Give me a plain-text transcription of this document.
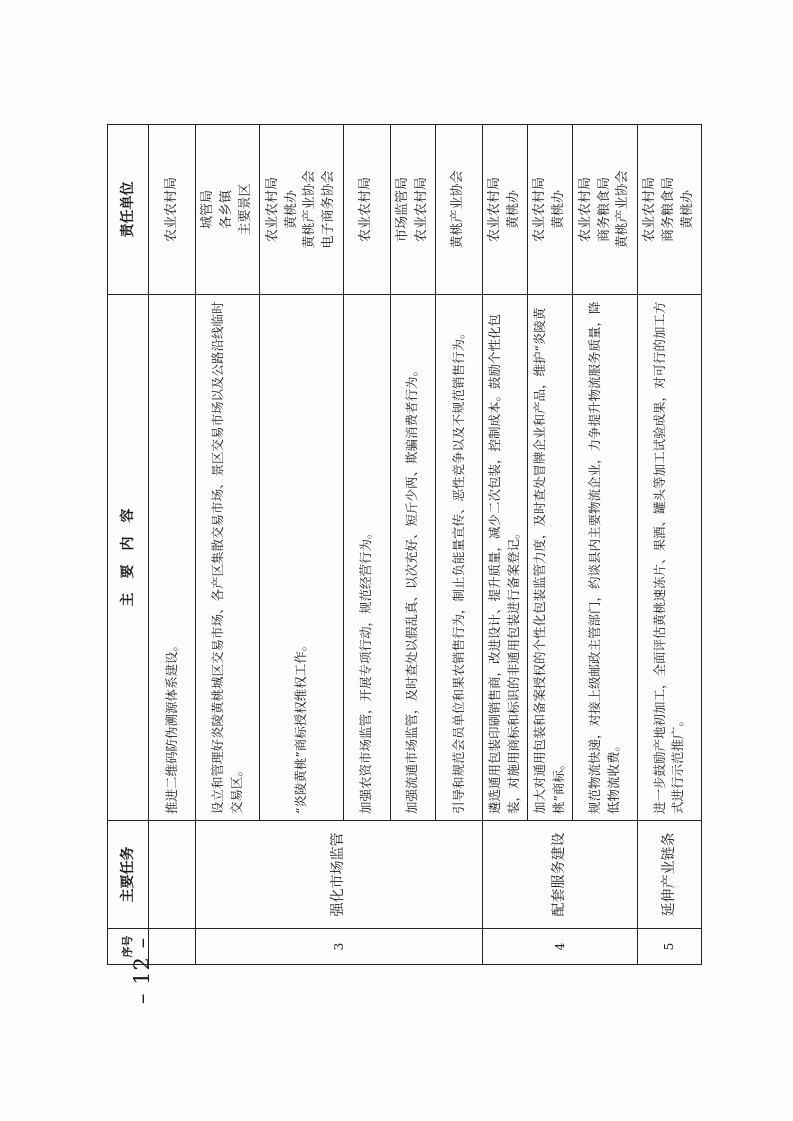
– 12 –
序号	主要任务	主　要　内　容	责任单位
		推进二维码防伪溯源体系建设。	农业农村局

3	强化市场监管	设立和管理好炎陵黄桃城区交易市场、各产区集散交易市场、景区交易市场以及公路沿线临时交易区。	城管局 各乡镇 主要景区

		“炎陵黄桃”商标授权维权工作。	农业农村局 黄桃办 黄桃产业协会 电子商务协会

		加强农资市场监管，开展专项行动，规范经营行为。	农业农村局

		加强流通市场监管，及时查处以假乱真、以次充好、短斤少两、欺骗消费者行为。	市场监管局 农业农村局

		引导和规范会员单位和果农销售行为，制止负能量宣传、恶性竞争以及不规范销售行为。	黄桃产业协会

4	配套服务建设	遴选通用包装印刷销售商，改进设计、提升质量，减少二次包装，控制成本。鼓励个性化包装，对施用商标和标识的非通用包装进行备案登记。	农业农村局 黄桃办

		加大对通用包装和备案授权的个性化包装监管力度，及时查处冒牌企业和产品，维护“炎陵黄桃”商标。	农业农村局 黄桃办

		规范物流快递，对接上级邮政主管部门，约谈县内主要物流企业，力争提升物流服务质量，降低物流收费。	农业农村局 商务粮食局 黄桃产业协会

5	延伸产业链条	进一步鼓励产地初加工，全面评估黄桃速冻片、果酒、罐头等加工试验成果，对可行的加工方式进行示范推广。	农业农村局 商务粮食局 黄桃办
